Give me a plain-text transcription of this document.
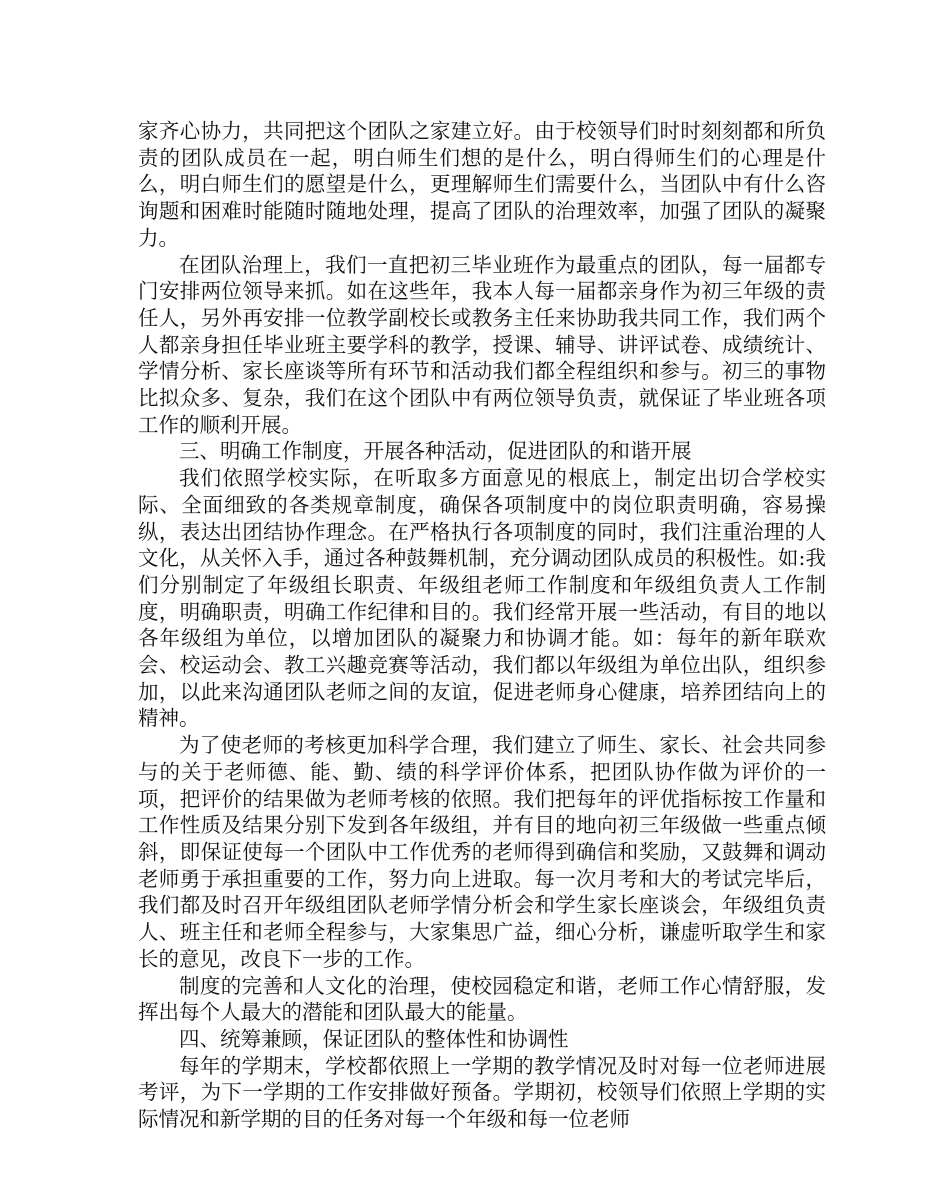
家齐心协力，共同把这个团队之家建立好。由于校领导们时时刻刻都和所负责的团队成员在一起，明白师生们想的是什么，明白得师生们的心理是什么，明白师生们的愿望是什么，更理解师生们需要什么，当团队中有什么咨询题和困难时能随时随地处理，提高了团队的治理效率，加强了团队的凝聚力。

在团队治理上，我们一直把初三毕业班作为最重点的团队，每一届都专门安排两位领导来抓。如在这些年，我本人每一届都亲身作为初三年级的责任人，另外再安排一位教学副校长或教务主任来协助我共同工作，我们两个人都亲身担任毕业班主要学科的教学，授课、辅导、讲评试卷、成绩统计、学情分析、家长座谈等所有环节和活动我们都全程组织和参与。初三的事物比拟众多、复杂，我们在这个团队中有两位领导负责，就保证了毕业班各项工作的顺利开展。

三、明确工作制度，开展各种活动，促进团队的和谐开展

我们依照学校实际，在听取多方面意见的根底上，制定出切合学校实际、全面细致的各类规章制度，确保各项制度中的岗位职责明确，容易操纵，表达出团结协作理念。在严格执行各项制度的同时，我们注重治理的人文化，从关怀入手，通过各种鼓舞机制，充分调动团队成员的积极性。如:我们分别制定了年级组长职责、年级组老师工作制度和年级组负责人工作制度，明确职责，明确工作纪律和目的。我们经常开展一些活动，有目的地以各年级组为单位，以增加团队的凝聚力和协调才能。如：每年的新年联欢会、校运动会、教工兴趣竞赛等活动，我们都以年级组为单位出队，组织参加，以此来沟通团队老师之间的友谊，促进老师身心健康，培养团结向上的精神。

为了使老师的考核更加科学合理，我们建立了师生、家长、社会共同参与的关于老师德、能、勤、绩的科学评价体系，把团队协作做为评价的一项，把评价的结果做为老师考核的依照。我们把每年的评优指标按工作量和工作性质及结果分别下发到各年级组，并有目的地向初三年级做一些重点倾斜，即保证使每一个团队中工作优秀的老师得到确信和奖励，又鼓舞和调动老师勇于承担重要的工作，努力向上进取。每一次月考和大的考试完毕后，我们都及时召开年级组团队老师学情分析会和学生家长座谈会，年级组负责人、班主任和老师全程参与，大家集思广益，细心分析，谦虚听取学生和家长的意见，改良下一步的工作。

制度的完善和人文化的治理，使校园稳定和谐，老师工作心情舒服，发挥出每个人最大的潜能和团队最大的能量。

四、统筹兼顾，保证团队的整体性和协调性

每年的学期末，学校都依照上一学期的教学情况及时对每一位老师进展考评，为下一学期的工作安排做好预备。学期初，校领导们依照上学期的实际情况和新学期的目的任务对每一个年级和每一位老师
